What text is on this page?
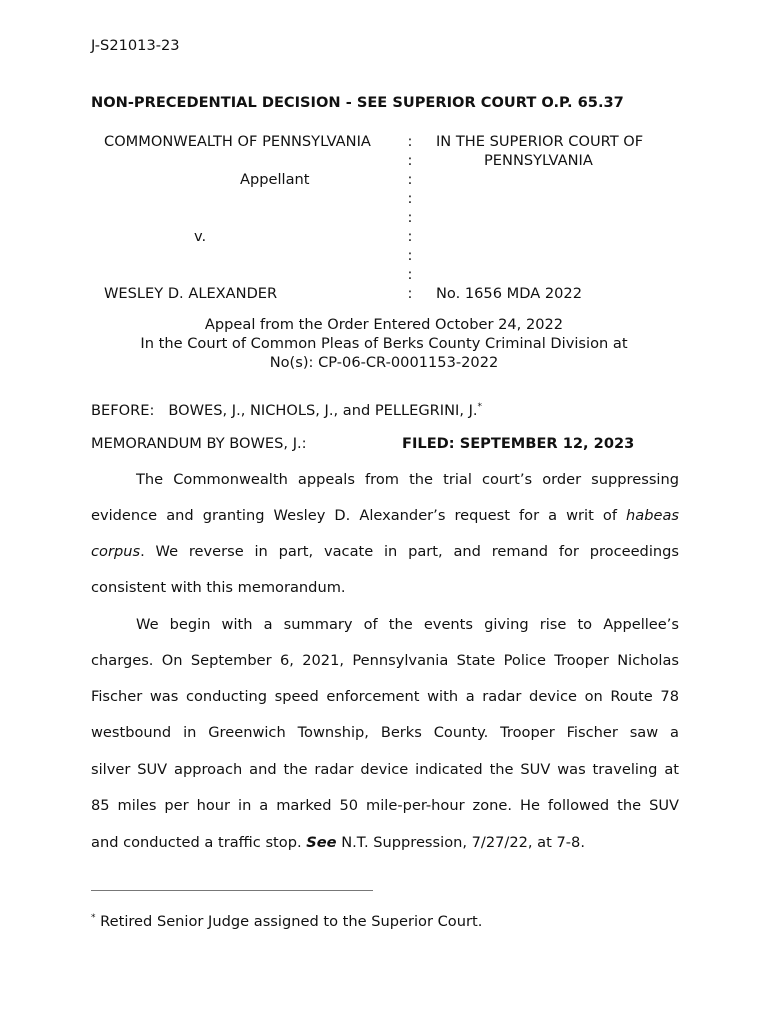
J-S21013-23
NON-PRECEDENTIAL DECISION - SEE SUPERIOR COURT O.P. 65.37
COMMONWEALTH OF PENNSYLVANIA
Appellant
v.
WESLEY D. ALEXANDER
:
:
:
:
:
:
:
:
:
IN THE SUPERIOR COURT OF
PENNSYLVANIA
No. 1656 MDA 2022
Appeal from the Order Entered October 24, 2022
In the Court of Common Pleas of Berks County Criminal Division at
No(s): CP-06-CR-0001153-2022
BEFORE: BOWES, J., NICHOLS, J., and PELLEGRINI, J.*
MEMORANDUM BY BOWES, J.:	FILED: SEPTEMBER 12, 2023
The Commonwealth appeals from the trial court’s order suppressing
evidence and granting Wesley D. Alexander’s request for a writ of habeas
corpus. We reverse in part, vacate in part, and remand for proceedings
consistent with this memorandum.
We begin with a summary of the events giving rise to Appellee’s
charges. On September 6, 2021, Pennsylvania State Police Trooper Nicholas
Fischer was conducting speed enforcement with a radar device on Route 78
westbound in Greenwich Township, Berks County. Trooper Fischer saw a
silver SUV approach and the radar device indicated the SUV was traveling at
85 miles per hour in a marked 50 mile-per-hour zone. He followed the SUV
and conducted a traffic stop. See N.T. Suppression, 7/27/22, at 7-8.
* Retired Senior Judge assigned to the Superior Court.
